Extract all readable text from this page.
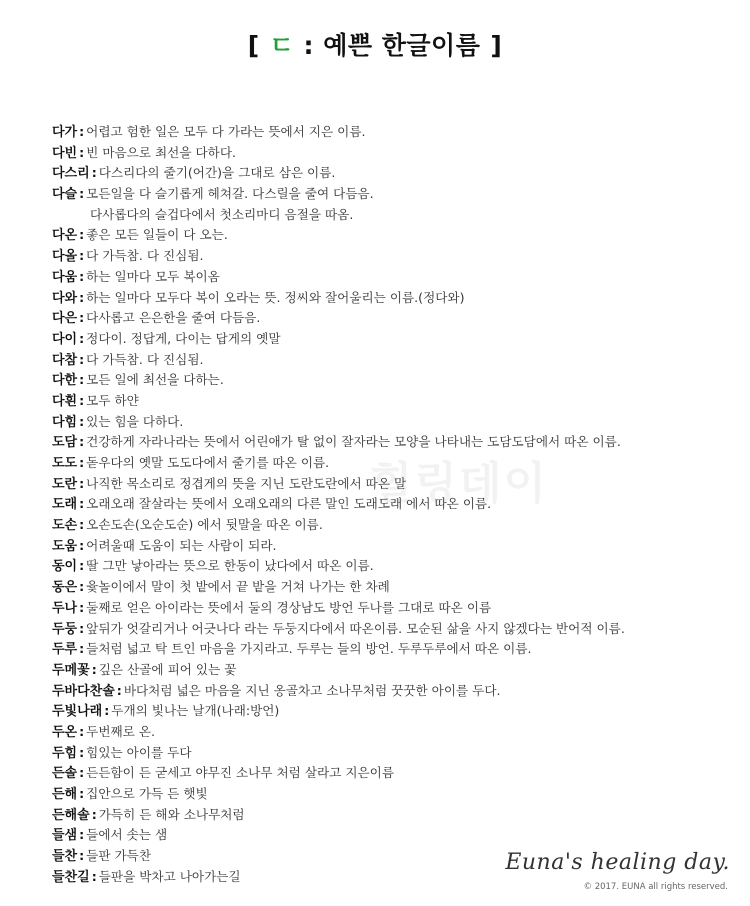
힐링데이
[ ㄷ : 예쁜 한글이름 ]
다가 : 어렵고 험한 일은 모두 다 가라는 뜻에서 지은 이름.
다빈 : 빈 마음으로 최선을 다하다.
다스리 : 다스리다의 줄기(어간)을 그대로 삼은 이름.
다슬 : 모든일을 다 슬기롭게 헤쳐갈. 다스릴을 줄여 다듬음.
다사롭다의 슬겁다에서 첫소리마디 음절을 따옴.
다온 : 좋은 모든 일들이 다 오는.
다올 : 다 가득참. 다 진심됨.
다움 : 하는 일마다 모두 복이옴
다와 : 하는 일마다 모두다 복이 오라는 뜻. 정씨와 잘어울리는 이름.(정다와)
다은 : 다사롭고 은은한을 줄여 다듬음.
다이 : 정다이. 정답게, 다이는 답게의 옛말
다참 : 다 가득참. 다 진심됨.
다한 : 모든 일에 최선을 다하는.
다흰 : 모두 하얀
다힘 : 있는 힘을 다하다.
도담 : 건강하게 자라나라는 뜻에서 어린애가 탈 없이 잘자라는 모양을 나타내는 도담도담에서 따온 이름.
도도 : 돋우다의 옛말 도도다에서 줄기를 따온 이름.
도란 : 나직한 목소리로 정겹게의 뜻을 지닌 도란도란에서 따온 말
도래 : 오래오래 잘살라는 뜻에서 오래오래의 다른 말인 도래도래 에서 따온 이름.
도손 : 오손도손(오순도순) 에서 뒷말을 따온 이름.
도움 : 어려울때 도움이 되는 사람이 되라.
동이 : 딸 그만 낳아라는 뜻으로 한동이 났다에서 따온 이름.
동은 : 윷놀이에서 말이 첫 밭에서 끝 밭을 거쳐 나가는 한 차례
두나 : 둘째로 얻은 아이라는 뜻에서 둘의 경상남도 방언 두나를 그대로 따온 이름
두둥 : 앞뒤가 엇갈리거나 어긋나다 라는 두둥지다에서 따온이름. 모순된 삶을 사지 않겠다는 반어적 이름.
두루 : 들처럼 넓고 탁 트인 마음을 가지라고. 두루는 들의 방언. 두루두루에서 따온 이름.
두메꽃 : 깊은 산골에 피어 있는 꽃
두바다찬솔 : 바다처럼 넓은 마음을 지닌 옹골차고 소나무처럼 꿋꿋한 아이를 두다.
두빛나래 : 두개의 빛나는 날개(나래:방언)
두온 : 두번째로 온.
두힘 : 힘있는 아이를 두다
든솔 : 든든함이 든 굳세고 야무진 소나무 처럼 살라고 지은이름
든해 : 집안으로 가득 든 햇빛
든해솔 : 가득히 든 해와 소나무처럼
들샘 : 들에서 솟는 샘
들찬 : 들판 가득찬
들찬길 : 들판을 박차고 나아가는길
Euna's healing day.
© 2017. EUNA all rights reserved.
